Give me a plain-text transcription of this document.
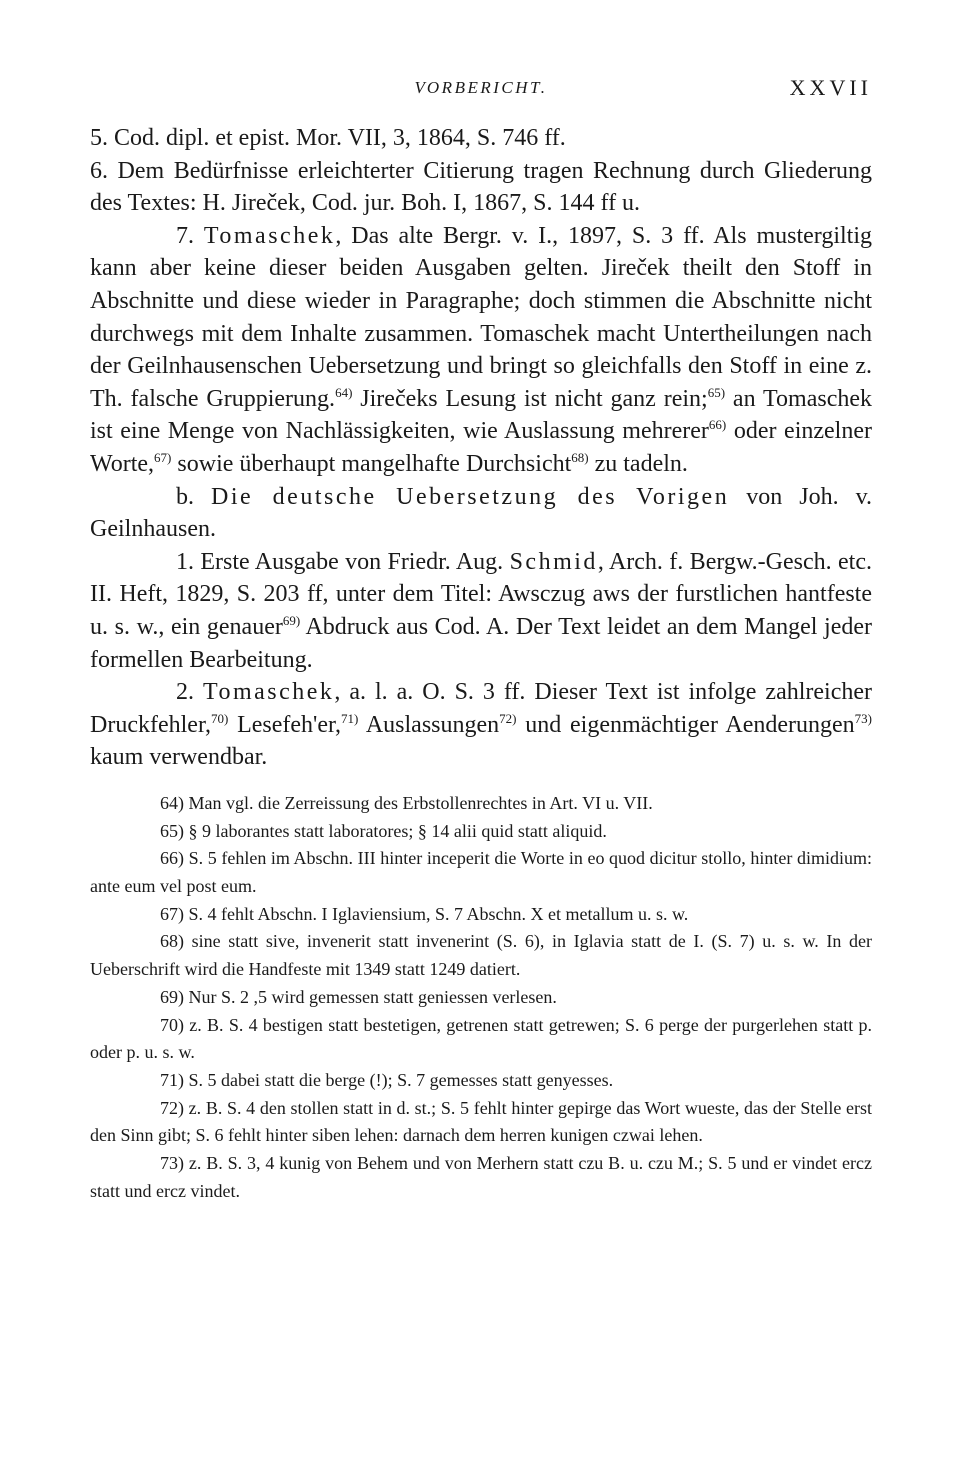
VORBERICHT.	XXVII

5. Cod. dipl. et epist. Mor. VII, 3, 1864, S. 746 ff.

6. Dem Bedürfnisse erleichterter Citierung tragen Rechnung durch Gliederung des Textes: H. Jireček, Cod. jur. Boh. I, 1867, S. 144 ff u.

7. Tomaschek, Das alte Bergr. v. I., 1897, S. 3 ff. Als mustergiltig kann aber keine dieser beiden Ausgaben gelten. Jireček theilt den Stoff in Abschnitte und diese wieder in Paragraphe; doch stimmen die Abschnitte nicht durchwegs mit dem Inhalte zusammen. Tomaschek macht Untertheilungen nach der Geilnhausenschen Uebersetzung und bringt so gleichfalls den Stoff in eine z. Th. falsche Gruppierung.$^{64)}$ Jirečeks Lesung ist nicht ganz rein;$^{65)}$ an Tomaschek ist eine Menge von Nachlässigkeiten, wie Auslassung mehrerer$^{66)}$ oder einzelner Worte,$^{67)}$ sowie überhaupt mangelhafte Durchsicht$^{68)}$ zu tadeln.

b. Die deutsche Uebersetzung des Vorigen von Joh. v. Geilnhausen.

1. Erste Ausgabe von Friedr. Aug. Schmid, Arch. f. Bergw.-Gesch. etc. II. Heft, 1829, S. 203 ff, unter dem Titel: Awsczug aws der furstlichen hantfeste u. s. w., ein genauer$^{69)}$ Abdruck aus Cod. A. Der Text leidet an dem Mangel jeder formellen Bearbeitung.

2. Tomaschek, a. l. a. O. S. 3 ff. Dieser Text ist infolge zahlreicher Druckfehler,$^{70)}$ Lesefeh'er,$^{71)}$ Auslassungen$^{72)}$ und eigenmächtiger Aenderungen$^{73)}$ kaum verwendbar.

64) Man vgl. die Zerreissung des Erbstollenrechtes in Art. VI u. VII.

65) § 9 laborantes statt laboratores; § 14 alii quid statt aliquid.

66) S. 5 fehlen im Abschn. III hinter inceperit die Worte in eo quod dicitur stollo, hinter dimidium: ante eum vel post eum.

67) S. 4 fehlt Abschn. I Iglaviensium, S. 7 Abschn. X et metallum u. s. w.

68) sine statt sive, invenerit statt invenerint (S. 6), in Iglavia statt de I. (S. 7) u. s. w. In der Ueberschrift wird die Handfeste mit 1349 statt 1249 datiert.

69) Nur S. 2 ,5 wird gemessen statt geniessen verlesen.

70) z. B. S. 4 bestigen statt bestetigen, getrenen statt getrewen; S. 6 perge der purgerlehen statt p. oder p. u. s. w.

71) S. 5 dabei statt die berge (!); S. 7 gemesses statt genyesses.

72) z. B. S. 4 den stollen statt in d. st.; S. 5 fehlt hinter gepirge das Wort wueste, das der Stelle erst den Sinn gibt; S. 6 fehlt hinter siben lehen: darnach dem herren kunigen czwai lehen.

73) z. B. S. 3, 4 kunig von Behem und von Merhern statt czu B. u. czu M.; S. 5 und er vindet ercz statt und ercz vindet.
